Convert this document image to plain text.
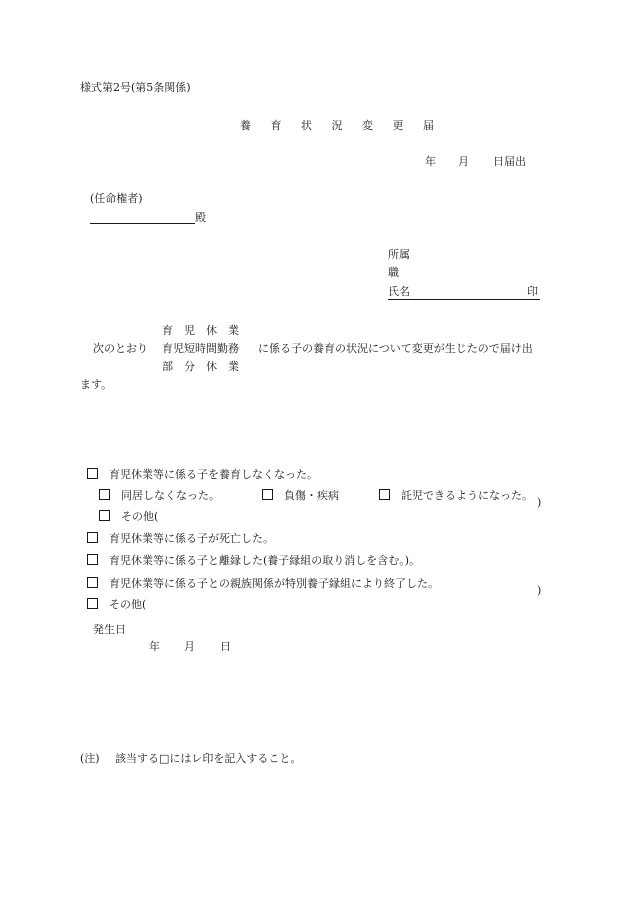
様式第2号(第5条関係)
養 育 状 況 変 更 届
年 月 日届出
(任命権者)
殿
所属
職
氏名	印
育　児　休　業
次のとおり 育児短時間勤務 に係る子の養育の状況について変更が生じたので届け出
部　分　休　業
ます。

　育児休業等に係る子を養育しなくなった。

　同居しなくなった。

　	負傷・疾病

　	託児できるようになった。

　その他(

)

　育児休業等に係る子が死亡した。

　育児休業等に係る子と離縁した(養子縁組の取り消しを含む。)。

　育児休業等に係る子との親族関係が特別養子縁組により終了した。

　その他(

)
発生日
年 月 日
(注) 該当する□にはレ印を記入すること。
